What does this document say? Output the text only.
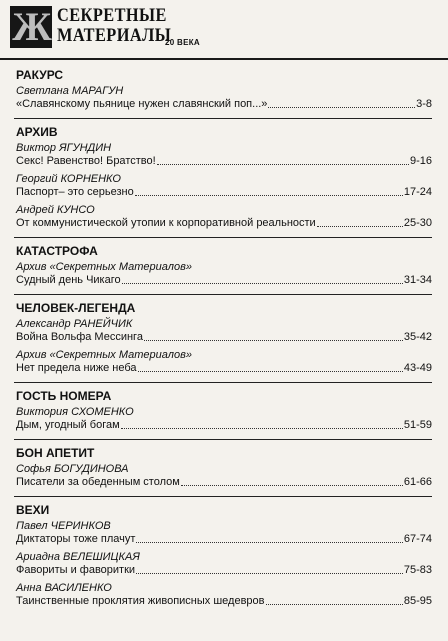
Ж СЕКРЕТНЫЕ
МАТЕРИАЛЫ
20 ВЕКА
РАКУРС
Светлана МАРАГУН
«Славянскому пьянице нужен славянский поп...»	3-8
АРХИВ
Виктор ЯГУНДИН
Секс! Равенство! Братство!	9-16
Георгий КОРНЕНКО
Паспорт– это серьезно	17-24
Андрей КУНСО
От коммунистической утопии к корпоративной реальности	25-30
КАТАСТРОФА
Архив «Секретных Материалов»
Судный день Чикаго	31-34
ЧЕЛОВЕК-ЛЕГЕНДА
Александр РАНЕЙЧИК
Война Вольфа Мессинга	35-42
Архив «Секретных Материалов»
Нет предела ниже неба	43-49
ГОСТЬ НОМЕРА
Виктория СХОМЕНКО
Дым, угодный богам	51-59
БОН АПЕТИТ
Софья БОГУДИНОВА
Писатели за обеденным столом	61-66
ВЕХИ
Павел ЧЕРИНКОВ
Диктаторы тоже плачут	67-74
Ариадна ВЕЛЕШИЦКАЯ
Фавориты и фаворитки	75-83
Анна ВАСИЛЕНКО
Таинственные проклятия живописных шедевров	85-95
